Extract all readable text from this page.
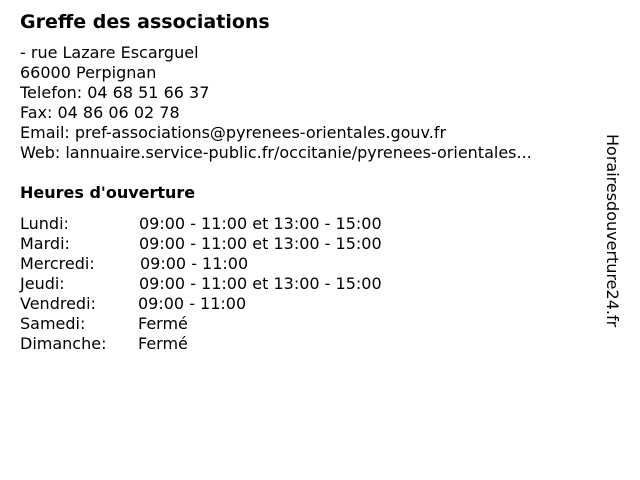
Greffe des associations
- rue Lazare Escarguel
66000 Perpignan
Telefon: 04 68 51 66 37
Fax: 04 86 06 02 78
Email: pref-associations@pyrenees-orientales.gouv.fr
Web: lannuaire.service-public.fr/occitanie/pyrenees-orientales...
Heures d'ouverture
Lundi:	09:00 - 11:00 et 13:00 - 15:00
Mardi:	09:00 - 11:00 et 13:00 - 15:00
Mercredi:	09:00 - 11:00
Jeudi:	09:00 - 11:00 et 13:00 - 15:00
Vendredi:	09:00 - 11:00
Samedi:	Fermé
Dimanche: Fermé
Horairesdouverture24.fr
